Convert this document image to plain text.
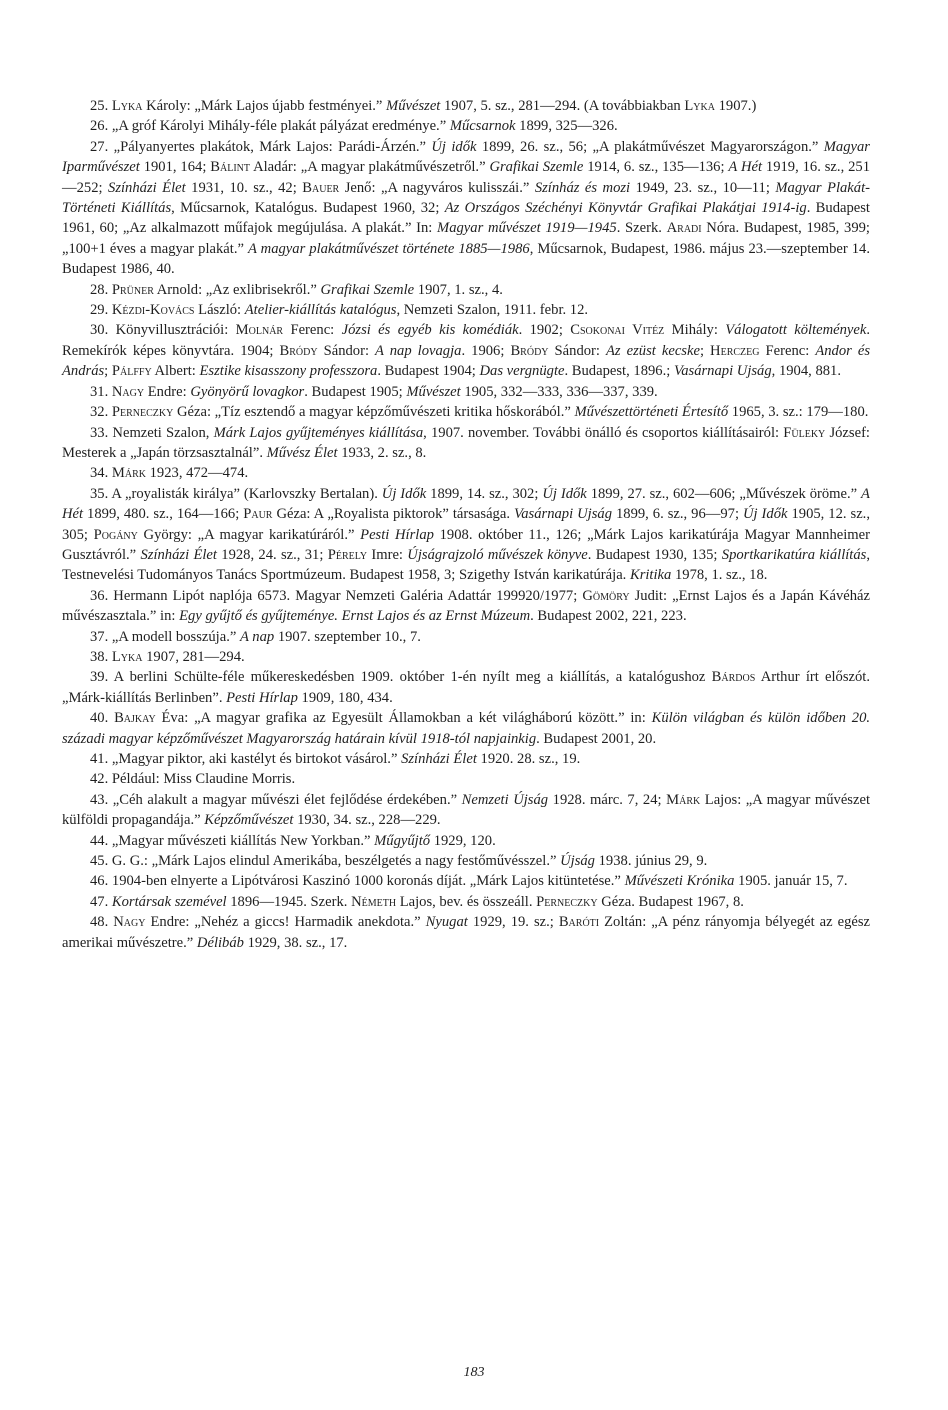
25. Lyka Károly: „Márk Lajos újabb festményei.” Művészet 1907, 5. sz., 281—294. (A továbbiakban Lyka 1907.)

26. „A gróf Károlyi Mihály-féle plakát pályázat eredménye.” Műcsarnok 1899, 325—326.

27. „Pályanyertes plakátok, Márk Lajos: Parádi-Árzén.” Új idők 1899, 26. sz., 56; „A plakátművészet Magyarországon.” Magyar Iparművészet 1901, 164; Bálint Aladár: „A magyar plakátművészetről.” Grafikai Szemle 1914, 6. sz., 135—136; A Hét 1919, 16. sz., 251—252; Színházi Élet 1931, 10. sz., 42; Bauer Jenő: „A nagyváros kulisszái.” Színház és mozi 1949, 23. sz., 10—11; Magyar Plakát-Történeti Kiállítás, Műcsarnok, Katalógus. Budapest 1960, 32; Az Országos Széchényi Könyvtár Grafikai Plakátjai 1914-ig. Budapest 1961, 60; „Az alkalmazott műfajok megújulása. A plakát.” In: Magyar művészet 1919—1945. Szerk. Aradi Nóra. Budapest, 1985, 399; „100+1 éves a magyar plakát.” A magyar plakátművészet története 1885—1986, Műcsarnok, Budapest, 1986. május 23.—szeptember 14. Budapest 1986, 40.

28. Prüner Arnold: „Az exlibrisekről.” Grafikai Szemle 1907, 1. sz., 4.

29. Kézdi-Kovács László: Atelier-kiállítás katalógus, Nemzeti Szalon, 1911. febr. 12.

30. Könyvillusztrációi: Molnár Ferenc: Józsi és egyéb kis komédiák. 1902; Csokonai Vitéz Mihály: Válogatott költemények. Remekírók képes könyvtára. 1904; Bródy Sándor: A nap lovagja. 1906; Bródy Sándor: Az ezüst kecske; Herczeg Ferenc: Andor és András; Pálffy Albert: Esztike kisasszony professzora. Budapest 1904; Das vergnügte. Budapest, 1896.; Vasárnapi Ujság, 1904, 881.

31. Nagy Endre: Gyönyörű lovagkor. Budapest 1905; Művészet 1905, 332—333, 336—337, 339.

32. Perneczky Géza: „Tíz esztendő a magyar képzőművészeti kritika hőskorából.” Művészettörténeti Értesítő 1965, 3. sz.: 179—180.

33. Nemzeti Szalon, Márk Lajos gyűjteményes kiállítása, 1907. november. További önálló és csoportos kiállításairól: Füleky József: Mesterek a „Japán törzsasztalnál”. Művész Élet 1933, 2. sz., 8.

34. Márk 1923, 472—474.

35. A „royalisták királya” (Karlovszky Bertalan). Új Idők 1899, 14. sz., 302; Új Idők 1899, 27. sz., 602—606; „Művészek öröme.” A Hét 1899, 480. sz., 164—166; Paur Géza: A „Royalista piktorok” társasága. Vasárnapi Ujság 1899, 6. sz., 96—97; Új Idők 1905, 12. sz., 305; Pogány György: „A magyar karikatúráról.” Pesti Hírlap 1908. október 11., 126; „Márk Lajos karikatúrája Magyar Mannheimer Gusztávról.” Színházi Élet 1928, 24. sz., 31; Pérely Imre: Újságrajzoló művészek könyve. Budapest 1930, 135; Sportkarikatúra kiállítás, Testnevelési Tudományos Tanács Sportmúzeum. Budapest 1958, 3; Szigethy István karikatúrája. Kritika 1978, 1. sz., 18.

36. Hermann Lipót naplója 6573. Magyar Nemzeti Galéria Adattár 199920/1977; Gömöry Judit: „Ernst Lajos és a Japán Kávéház művészasztala.” in: Egy gyűjtő és gyűjteménye. Ernst Lajos és az Ernst Múzeum. Budapest 2002, 221, 223.

37. „A modell bosszúja.” A nap 1907. szeptember 10., 7.

38. Lyka 1907, 281—294.

39. A berlini Schülte-féle műkereskedésben 1909. október 1-én nyílt meg a kiállítás, a katalógushoz Bárdos Arthur írt előszót. „Márk-kiállítás Berlinben”. Pesti Hírlap 1909, 180, 434.

40. Bajkay Éva: „A magyar grafika az Egyesült Államokban a két világháború között.” in: Külön világban és külön időben 20. századi magyar képzőművészet Magyarország határain kívül 1918-tól napjainkig. Budapest 2001, 20.

41. „Magyar piktor, aki kastélyt és birtokot vásárol.” Színházi Élet 1920. 28. sz., 19.

42. Például: Miss Claudine Morris.

43. „Céh alakult a magyar művészi élet fejlődése érdekében.” Nemzeti Újság 1928. márc. 7, 24; Márk Lajos: „A magyar művészet külföldi propagandája.” Képzőművészet 1930, 34. sz., 228—229.

44. „Magyar művészeti kiállítás New Yorkban.” Műgyűjtő 1929, 120.

45. G. G.: „Márk Lajos elindul Amerikába, beszélgetés a nagy festőművésszel.” Újság 1938. június 29, 9.

46. 1904-ben elnyerte a Lipótvárosi Kaszinó 1000 koronás díját. „Márk Lajos kitüntetése.” Művészeti Krónika 1905. január 15, 7.

47. Kortársak szemével 1896—1945. Szerk. Németh Lajos, bev. és összeáll. Perneczky Géza. Budapest 1967, 8.

48. Nagy Endre: „Nehéz a giccs! Harmadik anekdota.” Nyugat 1929, 19. sz.; Baróti Zoltán: „A pénz rányomja bélyegét az egész amerikai művészetre.” Délibáb 1929, 38. sz., 17.

183
